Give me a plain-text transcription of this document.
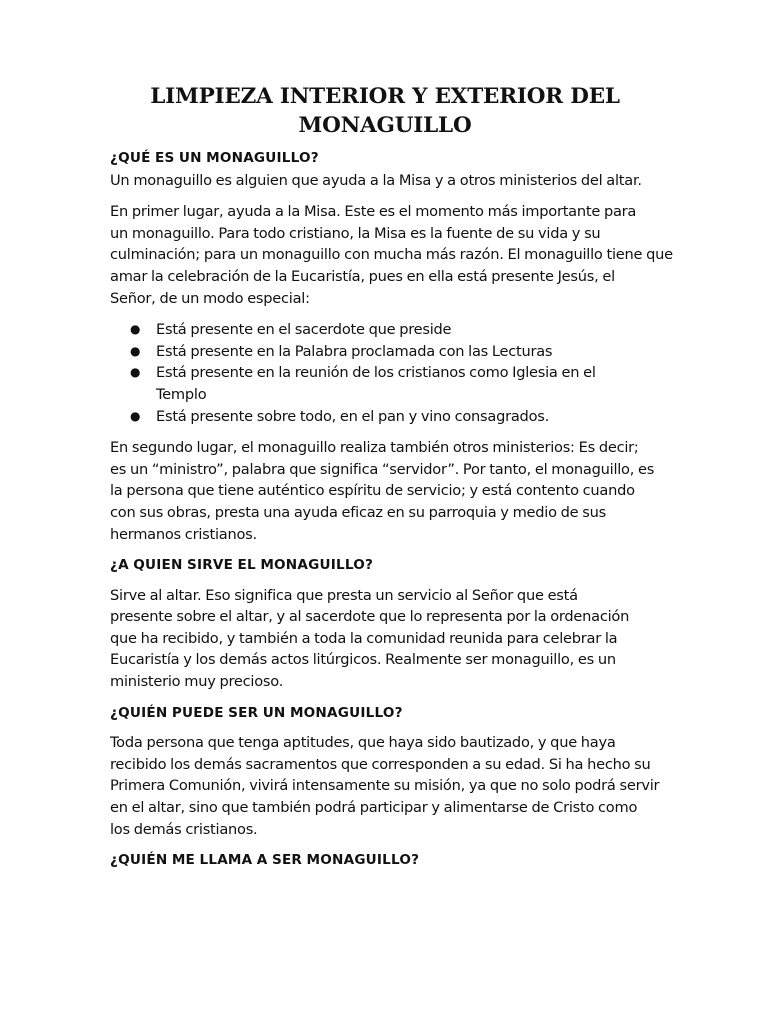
LIMPIEZA INTERIOR Y EXTERIOR DEL
MONAGUILLO
¿QUÉ ES UN MONAGUILLO?

Un monaguillo es alguien que ayuda a la Misa y a otros ministerios del altar.

En primer lugar, ayuda a la Misa. Este es el momento más importante para
un monaguillo. Para todo cristiano, la Misa es la fuente de su vida y su
culminación; para un monaguillo con mucha más razón. El monaguillo tiene que
amar la celebración de la Eucaristía, pues en ella está presente Jesús, el
Señor, de un modo especial:

● Está presente en el sacerdote que preside
● Está presente en la Palabra proclamada con las Lecturas
● Está presente en la reunión de los cristianos como Iglesia en el
Templo
● Está presente sobre todo, en el pan y vino consagrados.

En segundo lugar, el monaguillo realiza también otros ministerios: Es decir;
es un “ministro”, palabra que significa “servidor”. Por tanto, el monaguillo, es
la persona que tiene auténtico espíritu de servicio; y está contento cuando
con sus obras, presta una ayuda eficaz en su parroquia y medio de sus
hermanos cristianos.

¿A QUIEN SIRVE EL MONAGUILLO?

Sirve al altar. Eso significa que presta un servicio al Señor que está
presente sobre el altar, y al sacerdote que lo representa por la ordenación
que ha recibido, y también a toda la comunidad reunida para celebrar la
Eucaristía y los demás actos litúrgicos. Realmente ser monaguillo, es un
ministerio muy precioso.

¿QUIÉN PUEDE SER UN MONAGUILLO?

Toda persona que tenga aptitudes, que haya sido bautizado, y que haya
recibido los demás sacramentos que corresponden a su edad. Si ha hecho su
Primera Comunión, vivirá intensamente su misión, ya que no solo podrá servir
en el altar, sino que también podrá participar y alimentarse de Cristo como
los demás cristianos.

¿QUIÉN ME LLAMA A SER MONAGUILLO?
